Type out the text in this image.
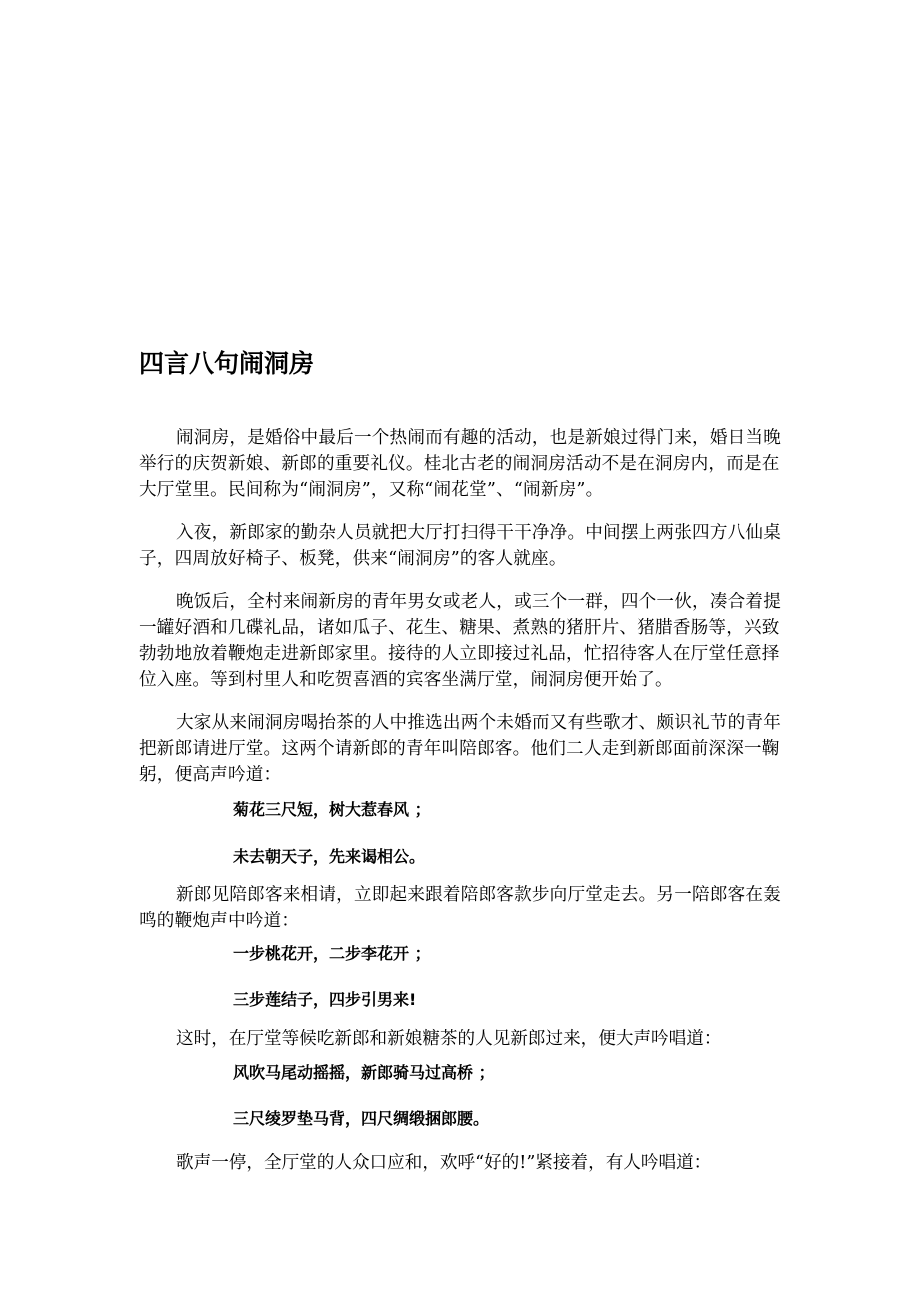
四言八句闹洞房

闹洞房，是婚俗中最后一个热闹而有趣的活动，也是新娘过得门来，婚日当晚举行的庆贺新娘、新郎的重要礼仪。桂北古老的闹洞房活动不是在洞房内，而是在大厅堂里。民间称为“闹洞房”，又称“闹花堂”、“闹新房”。

入夜，新郎家的勤杂人员就把大厅打扫得干干净净。中间摆上两张四方八仙桌子，四周放好椅子、板凳，供来“闹洞房”的客人就座。

晚饭后，全村来闹新房的青年男女或老人，或三个一群，四个一伙，凑合着提一罐好酒和几碟礼品，诸如瓜子、花生、糖果、煮熟的猪肝片、猪腊香肠等，兴致勃勃地放着鞭炮走进新郎家里。接待的人立即接过礼品，忙招待客人在厅堂任意择位入座。等到村里人和吃贺喜酒的宾客坐满厅堂，闹洞房便开始了。

大家从来闹洞房喝抬茶的人中推选出两个未婚而又有些歌才、颇识礼节的青年把新郎请进厅堂。这两个请新郎的青年叫陪郎客。他们二人走到新郎面前深深一鞠躬，便高声吟道：

菊花三尺短，树大惹春风 ；

未去朝天子，先来谒相公。

新郎见陪郎客来相请，立即起来跟着陪郎客款步向厅堂走去。另一陪郎客在轰鸣的鞭炮声中吟道：

一步桃花开，二步李花开 ；

三步莲结子，四步引男来!

这时，在厅堂等候吃新郎和新娘糖茶的人见新郎过来，便大声吟唱道：

风吹马尾动摇摇，新郎骑马过高桥 ；

三尺绫罗垫马背，四尺绸缎捆郎腰。

歌声一停，全厅堂的人众口应和，欢呼“好的!”紧接着，有人吟唱道：
